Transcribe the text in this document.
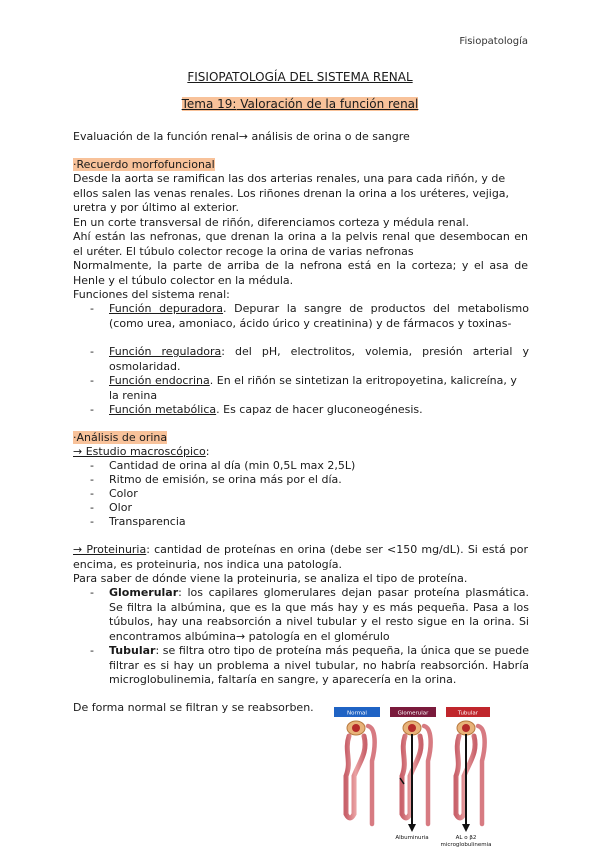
Fisiopatología
FISIOPATOLOGÍA DEL SISTEMA RENAL
Tema 19: Valoración de la función renal
Evaluación de la función renal→ análisis de orina o de sangre
·Recuerdo morfofuncional
Desde la aorta se ramifican las dos arterias renales, una para cada riñón, y de ellos salen las venas renales. Los riñones drenan la orina a los uréteres, vejiga, uretra y por último al exterior.
En un corte transversal de riñón, diferenciamos corteza y médula renal.
Ahí están las nefronas, que drenan la orina a la pelvis renal que desembocan en el uréter. El túbulo colector recoge la orina de varias nefronas
Normalmente, la parte de arriba de la nefrona está en la corteza; y el asa de Henle y el túbulo colector en la médula.
Funciones del sistema renal:
- Función depuradora. Depurar la sangre de productos del metabolismo (como urea, amoniaco, ácido úrico y creatinina) y de fármacos y toxinas-
- Función reguladora: del pH, electrolitos, volemia, presión arterial y osmolaridad.
- Función endocrina. En el riñón se sintetizan la eritropoyetina, kalicreína, y la renina
- Función metabólica. Es capaz de hacer gluconeogénesis.
·Análisis de orina
→ Estudio macroscópico:
- Cantidad de orina al día (min 0,5L max 2,5L)
- Ritmo de emisión, se orina más por el día.
- Color
- Olor
- Transparencia
→ Proteinuria: cantidad de proteínas en orina (debe ser <150 mg/dL). Si está por encima, es proteinuria, nos indica una patología.
Para saber de dónde viene la proteinuria, se analiza el tipo de proteína.
- Glomerular: los capilares glomerulares dejan pasar proteína plasmática. Se filtra la albúmina, que es la que más hay y es más pequeña. Pasa a los túbulos, hay una reabsorción a nivel tubular y el resto sigue en la orina. Si encontramos albúmina→ patología en el glomérulo
- Tubular: se filtra otro tipo de proteína más pequeña, la única que se puede filtrar es si hay un problema a nivel tubular, no habría reabsorción. Habría microglobulinemia, faltaría en sangre, y aparecería en la orina.
De forma normal se filtran y se reabsorben.	Normal	Glomerular	Tubular
Albuminuria	AL o β2
microglobulinemia
